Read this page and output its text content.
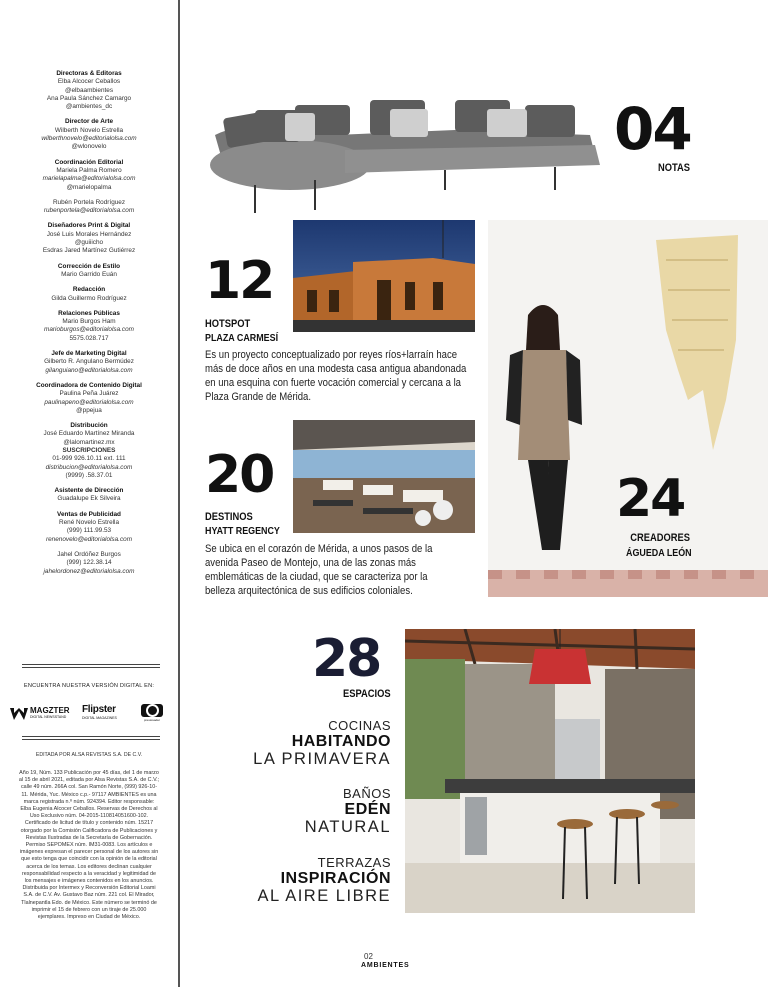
Directoras & Editoras
Elba Alcocer Ceballos
@elbaambientes
Ana Paula Sánchez Camargo
@ambientes_dc
Director de Arte
Wilberth Novelo Estrella
wilberthnovelo@editorialolsa.com
@wlonovelo
Coordinación Editorial
Mariela Palma Romero
marielapalma@editorialolsa.com
@marielopalma
Rubén Portela Rodríguez
rubenportela@editorialolsa.com
Diseñadores Print & Digital
José Luis Morales Hernández
@guiiicho
Esdras Jared Martínez Gutiérrez
Corrección de Estilo
Mario Garrido Euán
Redacción
Gilda Guillermo Rodríguez
Relaciones Públicas
Mario Burgos Ham
marioburgos@editorialolsa.com
5575.028.717
Jefe de Marketing Digital
Gilberto R. Angulano Bermúdez
gilanguiano@editorialolsa.com
Coordinadora de Contenido Digital
Paulina Peña Juárez
paulinapeno@editorialolsa.com
@ppejua
Distribución
José Eduardo Martínez Miranda
@lalomartinez.mx
SUSCRIPCIONES
01-999 926.10.11 ext. 111
distribucion@editorialolsa.com
(9999) .58.37.01
Asistente de Dirección
Guadalupe Ek Silveira
Ventas de Publicidad
René Novelo Estrella
(999) 111.99.53
renenovelo@editorialolsa.com
Jahel Ordóñez Burgos
(999) 122.38.14
jahelordonez@editorialolsa.com
ENCUENTRA NUESTRA VERSIÓN DIGITAL EN:
MAGZTER
DIGITAL NEWSSTAND
Flipster
DIGITAL MAGAZINES	pressreader
EDITADA POR ALSA REVISTAS S.A. DE C.V.
Año 19, Núm. 133 Publicación por 45 días, del 1 de marzo al 15 de abril 2021, editada por Alsa Revistas S.A. de C.V.; calle 49 núm. 266A col. San Ramón Norte, (999) 926-10-11. Mérida, Yuc. México c.p.- 97117 AMBIENTES es una marca registrada n.º núm. 924394. Editor responsable: Elba Eugenia Alcocer Ceballos. Reservas de Derechos al Uso Exclusivo núm. 04-2015-110814051600-102. Certificado de licitud de título y contenido núm. 15217 otorgado por la Comisión Calificadora de Publicaciones y Revistas Ilustradas de la Secretaría de Gobernación. Permiso SEPOMEX núm. IM31-0083. Los artículos e imágenes expresan el parecer personal de los autores sin que esto tenga que coincidir con la opinión de la editorial acerca de los temas. Los editores declinan cualquier responsabilidad respecto a la veracidad y legitimidad de los mensajes e imágenes contenidos en los anuncios. Distribuida por Intermex y Reconversión Editorial Loami S.A. de C.V. Av. Gustavo Baz núm. 221 col. El Mirador, Tlalnepantla Edo. de México. Este número se terminó de imprimir el 15 de febrero con un tiraje de 25.000 ejemplares. Impreso en Ciudad de México.
04
NOTAS
12
HOTSPOT
PLAZA CARMESÍ
Es un proyecto conceptualizado por reyes ríos+larraín hace más de doce años en una modesta casa antigua abandonada en una esquina con fuerte vocación comercial y cercana a la Plaza Grande de Mérida.
20
DESTINOS
HYATT REGENCY
Se ubica en el corazón de Mérida, a unos pasos de la avenida Paseo de Montejo, una de las zonas más emblemáticas de la ciudad, que se caracteriza por la belleza arquitectónica de sus edificios coloniales.
24
CREADORES
ÁGUEDA LEÓN
28
ESPACIOS
COCINAS
HABITANDO
LA PRIMAVERA
BAÑOS
EDÉN
NATURAL
TERRAZAS
INSPIRACIÓN
AL AIRE LIBRE
02
AMBIENTES
